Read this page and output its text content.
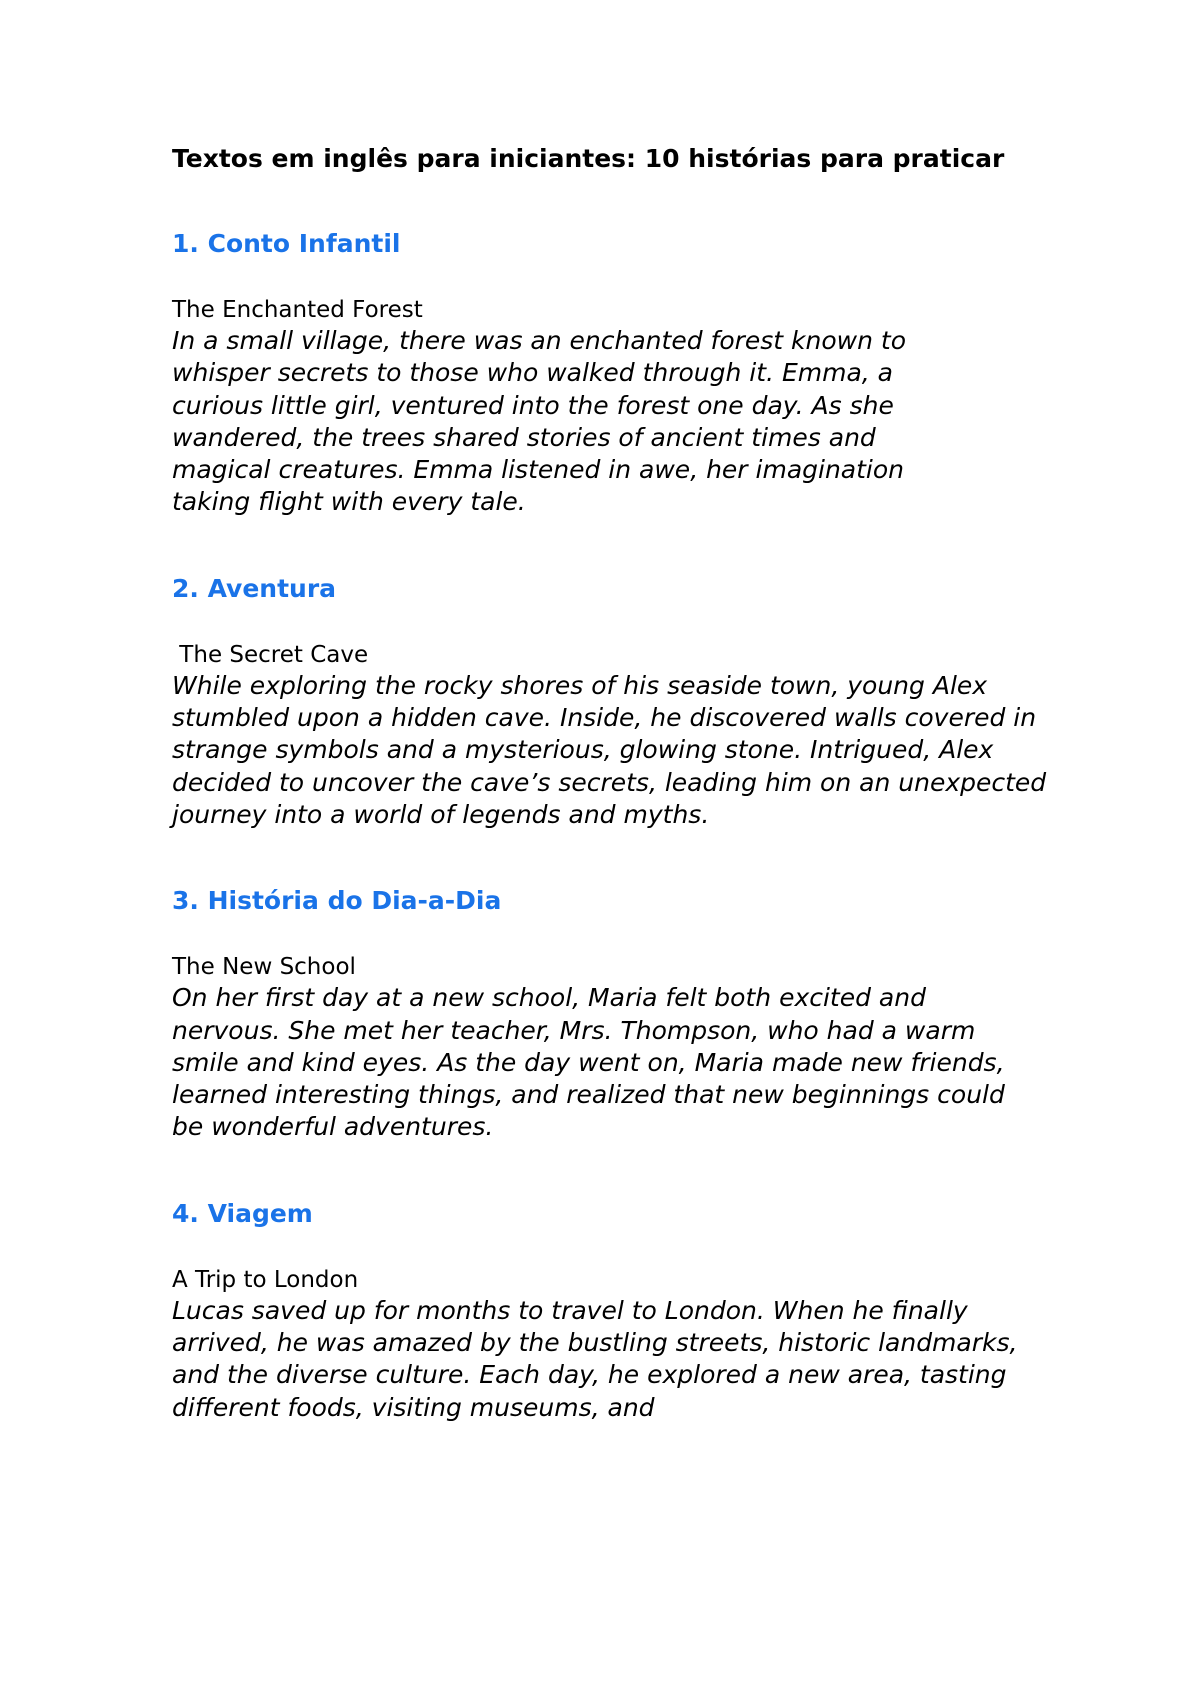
Textos em inglês para iniciantes: 10 histórias para praticar
1. Conto Infantil
The Enchanted Forest

In a small village, there was an enchanted forest known to whisper secrets to those who walked through it. Emma, a curious little girl, ventured into the forest one day. As she wandered, the trees shared stories of ancient times and magical creatures. Emma listened in awe, her imagination taking flight with every tale.

2. Aventura
The Secret Cave

While exploring the rocky shores of his seaside town, young Alex stumbled upon a hidden cave. Inside, he discovered walls covered in strange symbols and a mysterious, glowing stone. Intrigued, Alex decided to uncover the cave’s secrets, leading him on an unexpected journey into a world of legends and myths.

3. História do Dia-a-Dia
The New School

On her first day at a new school, Maria felt both excited and nervous. She met her teacher, Mrs. Thompson, who had a warm smile and kind eyes. As the day went on, Maria made new friends, learned interesting things, and realized that new beginnings could be wonderful adventures.

4. Viagem
A Trip to London

Lucas saved up for months to travel to London. When he finally arrived, he was amazed by the bustling streets, historic landmarks, and the diverse culture. Each day, he explored a new area, tasting different foods, visiting museums, and
